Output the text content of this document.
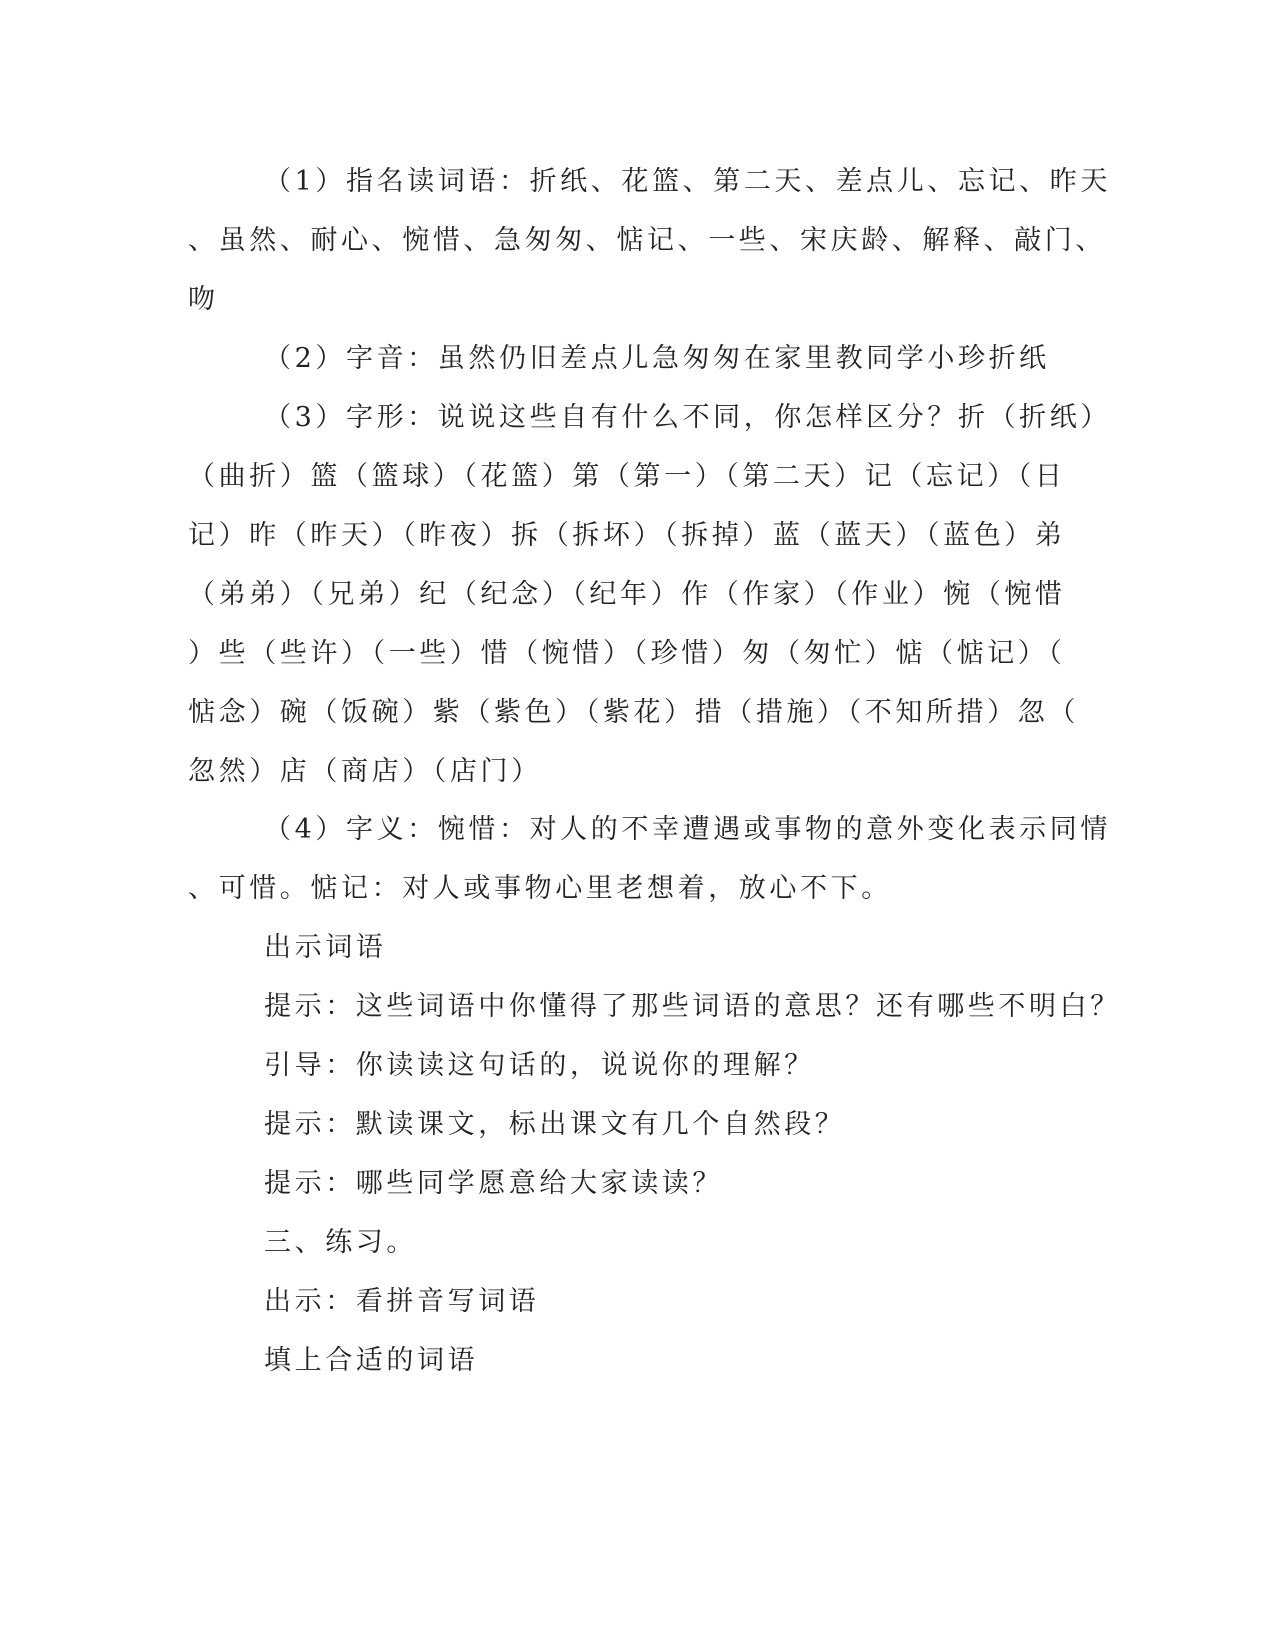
（1）指名读词语：折纸、花篮、第二天、差点儿、忘记、昨天
、虽然、耐心、惋惜、急匆匆、惦记、一些、宋庆龄、解释、敲门、
吻
（2）字音：虽然仍旧差点儿急匆匆在家里教同学小珍折纸
（3）字形：说说这些自有什么不同，你怎样区分？折（折纸）
（曲折）篮（篮球）（花篮）第（第一）（第二天）记（忘记）（日
记）昨（昨天）（昨夜）拆（拆坏）（拆掉）蓝（蓝天）（蓝色）弟
（弟弟）（兄弟）纪（纪念）（纪年）作（作家）（作业）惋（惋惜
）些（些许）（一些）惜（惋惜）（珍惜）匆（匆忙）惦（惦记）（
惦念）碗（饭碗）紫（紫色）（紫花）措（措施）（不知所措）忽（
忽然）店（商店）（店门）
（4）字义：惋惜：对人的不幸遭遇或事物的意外变化表示同情
、可惜。惦记：对人或事物心里老想着，放心不下。
出示词语
提示：这些词语中你懂得了那些词语的意思？还有哪些不明白？
引导：你读读这句话的，说说你的理解？
提示：默读课文，标出课文有几个自然段？
提示：哪些同学愿意给大家读读？
三、练习。
出示：看拼音写词语
填上合适的词语
